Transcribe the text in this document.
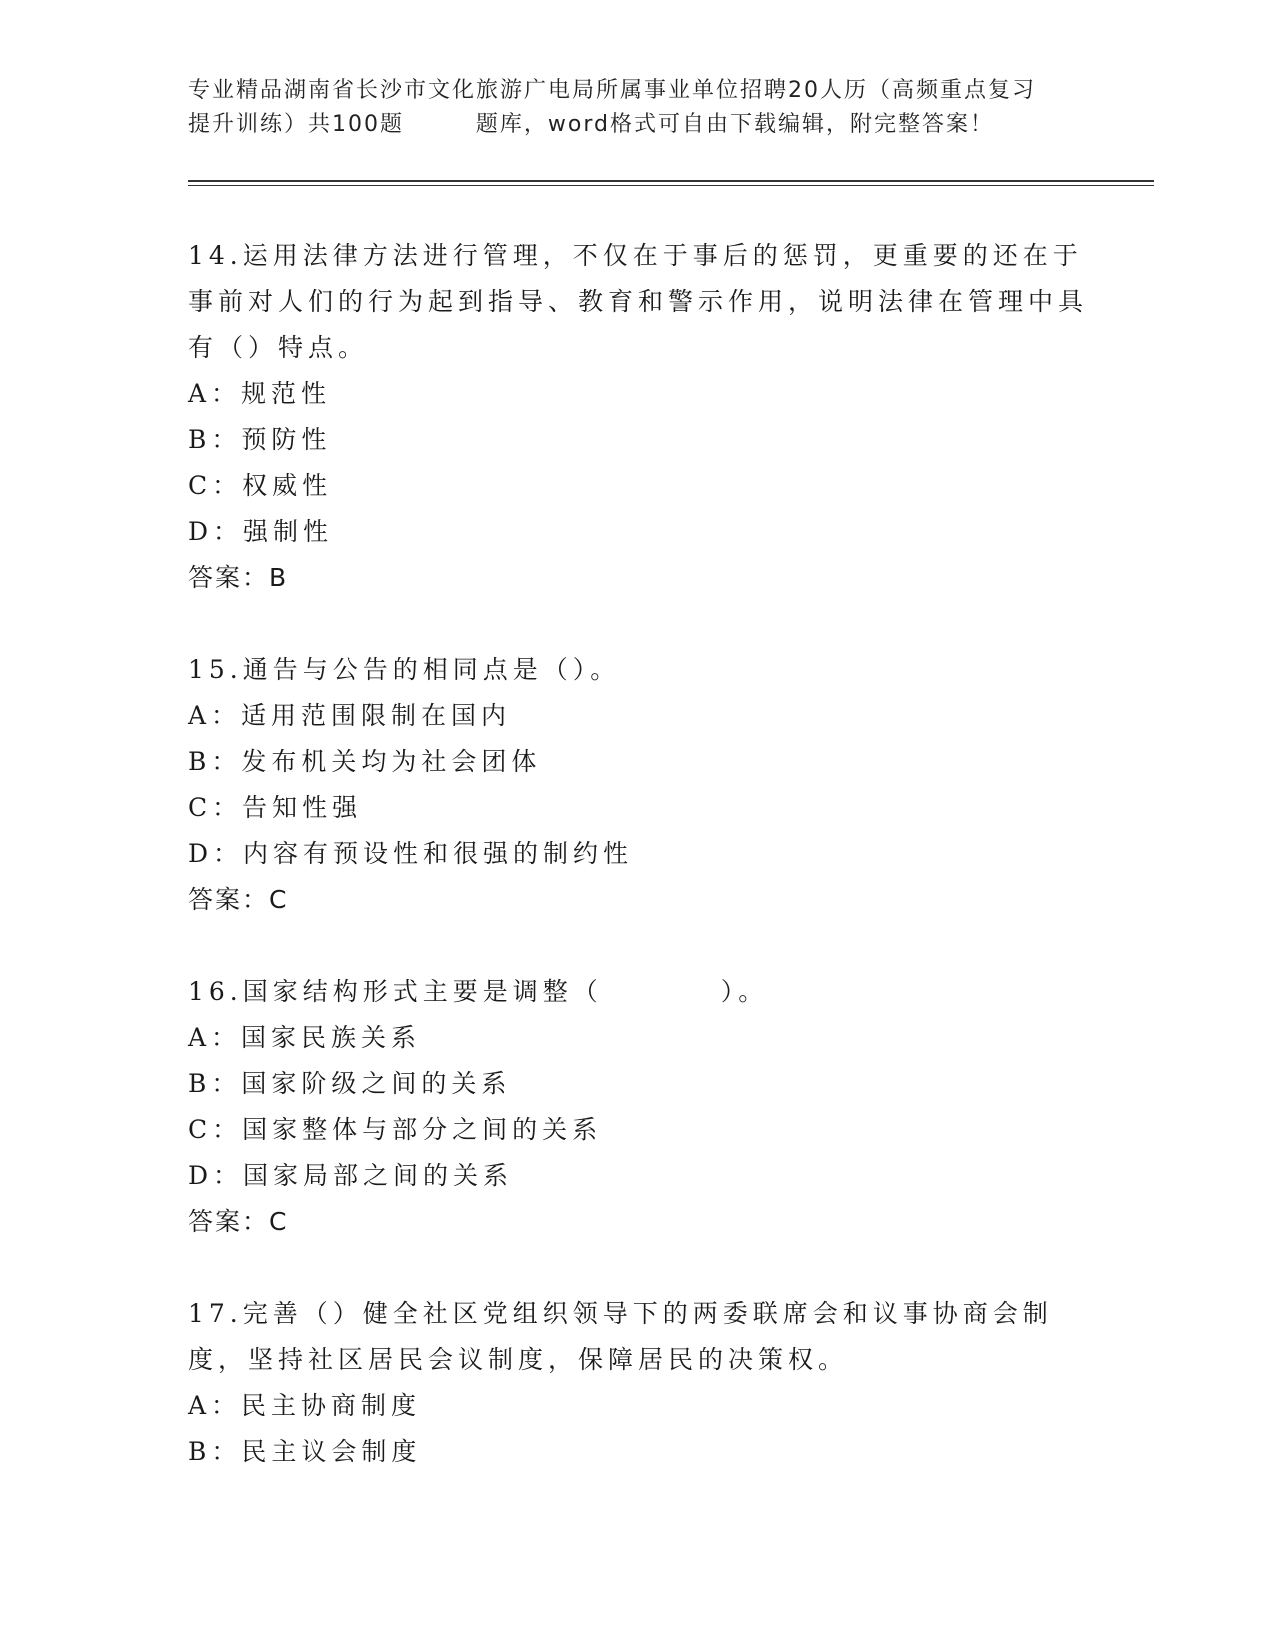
专业精品湖南省长沙市文化旅游广电局所属事业单位招聘20人历（高频重点复习
提升训练）共100题        题库，word格式可自由下载编辑，附完整答案！

14.运用法律方法进行管理，不仅在于事后的惩罚，更重要的还在于事前对人们的行为起到指导、教育和警示作用，说明法律在管理中具有（）特点。

A：规范性

B：预防性

C：权威性

D：强制性

答案：B

15.通告与公告的相同点是（）。

A：适用范围限制在国内

B：发布机关均为社会团体

C：告知性强

D：内容有预设性和很强的制约性

答案：C

16.国家结构形式主要是调整（	）。

A：国家民族关系

B：国家阶级之间的关系

C：国家整体与部分之间的关系

D：国家局部之间的关系

答案：C

17.完善（）健全社区党组织领导下的两委联席会和议事协商会制度，坚持社区居民会议制度，保障居民的决策权。

A：民主协商制度

B：民主议会制度
